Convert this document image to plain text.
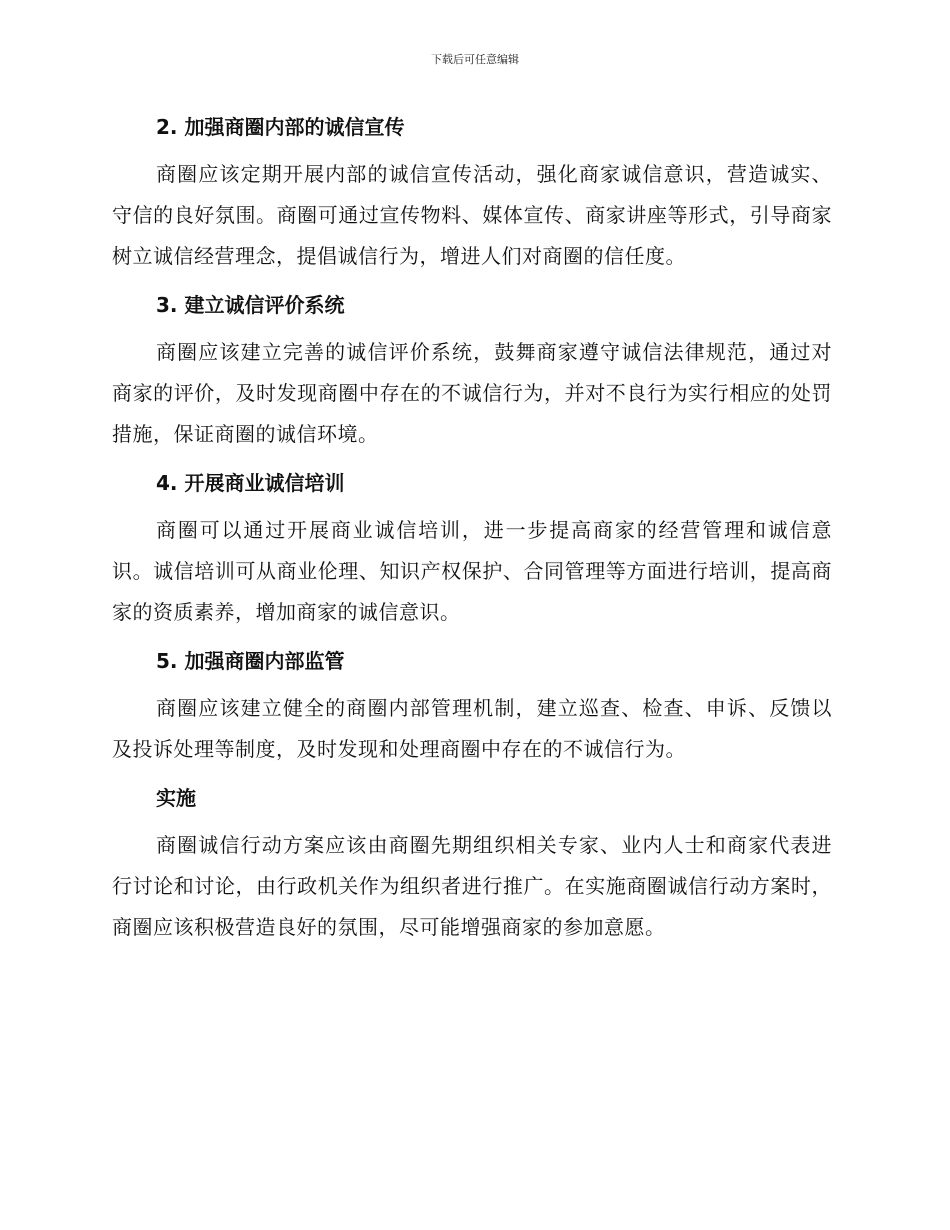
下载后可任意编辑
2. 加强商圈内部的诚信宣传

商圈应该定期开展内部的诚信宣传活动，强化商家诚信意识，营造诚实、守信的良好氛围。商圈可通过宣传物料、媒体宣传、商家讲座等形式，引导商家树立诚信经营理念，提倡诚信行为，增进人们对商圈的信任度。

3. 建立诚信评价系统

商圈应该建立完善的诚信评价系统，鼓舞商家遵守诚信法律规范，通过对商家的评价，及时发现商圈中存在的不诚信行为，并对不良行为实行相应的处罚措施，保证商圈的诚信环境。

4. 开展商业诚信培训

商圈可以通过开展商业诚信培训，进一步提高商家的经营管理和诚信意识。诚信培训可从商业伦理、知识产权保护、合同管理等方面进行培训，提高商家的资质素养，增加商家的诚信意识。

5. 加强商圈内部监管

商圈应该建立健全的商圈内部管理机制，建立巡查、检查、申诉、反馈以及投诉处理等制度，及时发现和处理商圈中存在的不诚信行为。

实施

商圈诚信行动方案应该由商圈先期组织相关专家、业内人士和商家代表进行讨论和讨论，由行政机关作为组织者进行推广。在实施商圈诚信行动方案时，商圈应该积极营造良好的氛围，尽可能增强商家的参加意愿。
